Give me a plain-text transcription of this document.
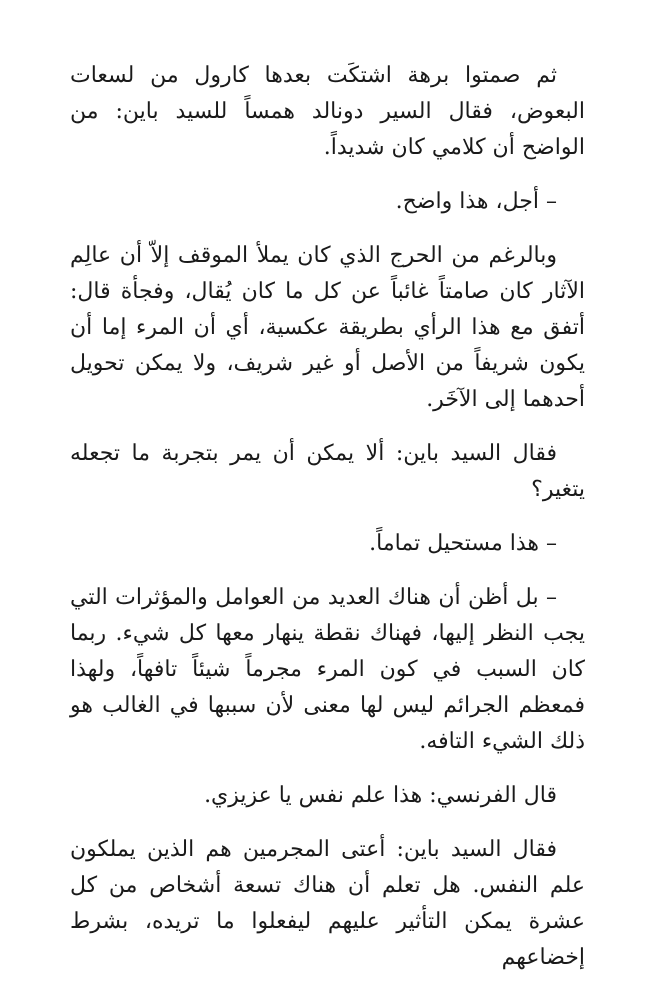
ثم صمتوا برهة اشتكَت بعدها كارول من لسعات البعوض، فقال السير دونالد همساً للسيد باين: من الواضح أن كلامي كان شديداً.

– أجل، هذا واضح.

وبالرغم من الحرج الذي كان يملأ الموقف إلاّ أن عالِم الآثار كان صامتاً غائباً عن كل ما كان يُقال، وفجأة قال: أتفق مع هذا الرأي بطريقة عكسية، أي أن المرء إما أن يكون شريفاً من الأصل أو غير شريف، ولا يمكن تحويل أحدهما إلى الآخَر.

فقال السيد باين: ألا يمكن أن يمر بتجربة ما تجعله يتغير؟

– هذا مستحيل تماماً.

– بل أظن أن هناك العديد من العوامل والمؤثرات التي يجب النظر إليها، فهناك نقطة ينهار معها كل شيء. ربما كان السبب في كون المرء مجرماً شيئاً تافهاً، ولهذا فمعظم الجرائم ليس لها معنى لأن سببها في الغالب هو ذلك الشيء التافه.

قال الفرنسي: هذا علم نفس يا عزيزي.

فقال السيد باين: أعتى المجرمين هم الذين يملكون علم النفس. هل تعلم أن هناك تسعة أشخاص من كل عشرة يمكن التأثير عليهم ليفعلوا ما تريده، بشرط إخضاعهم
